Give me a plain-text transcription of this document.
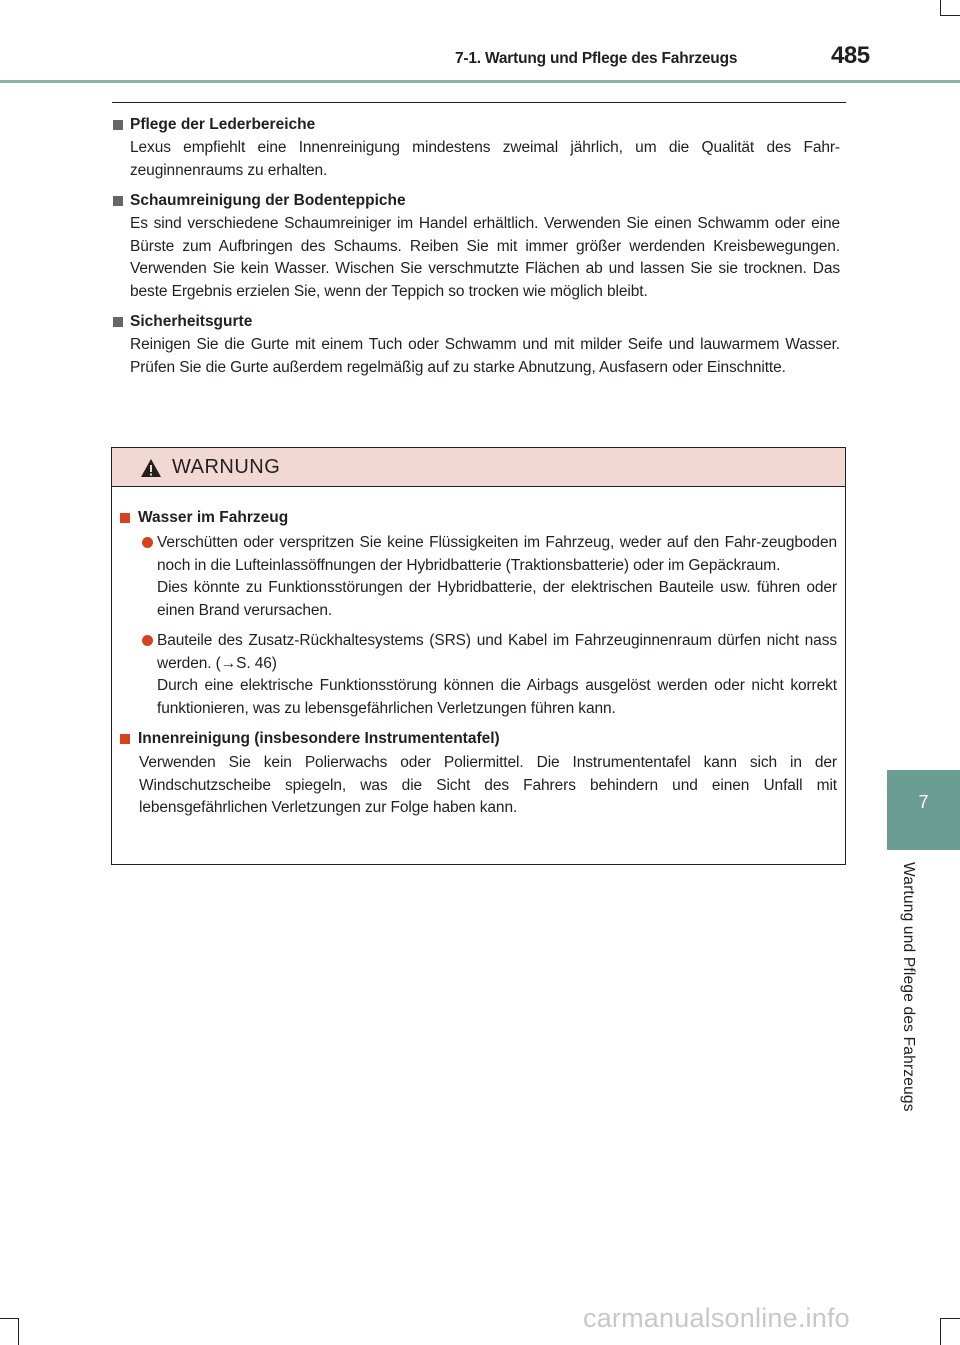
7-1. Wartung und Pflege des Fahrzeugs	485
Pflege der Lederbereiche
Lexus empfiehlt eine Innenreinigung mindestens zweimal jährlich, um die Qualität des Fahr-zeuginnenraums zu erhalten.
Schaumreinigung der Bodenteppiche
Es sind verschiedene Schaumreiniger im Handel erhältlich. Verwenden Sie einen Schwamm oder eine Bürste zum Aufbringen des Schaums. Reiben Sie mit immer größer werdenden Kreisbewegungen. Verwenden Sie kein Wasser. Wischen Sie verschmutzte Flächen ab und lassen Sie sie trocknen. Das beste Ergebnis erzielen Sie, wenn der Teppich so trocken wie möglich bleibt.
Sicherheitsgurte
Reinigen Sie die Gurte mit einem Tuch oder Schwamm und mit milder Seife und lauwarmem Wasser. Prüfen Sie die Gurte außerdem regelmäßig auf zu starke Abnutzung, Ausfasern oder Einschnitte.
WARNUNG
Wasser im Fahrzeug
Verschütten oder verspritzen Sie keine Flüssigkeiten im Fahrzeug, weder auf den Fahr-zeugboden noch in die Lufteinlassöffnungen der Hybridbatterie (Traktionsbatterie) oder im Gepäckraum.
Dies könnte zu Funktionsstörungen der Hybridbatterie, der elektrischen Bauteile usw. führen oder einen Brand verursachen.
Bauteile des Zusatz-Rückhaltesystems (SRS) und Kabel im Fahrzeuginnenraum dürfen nicht nass werden. (→S. 46)
Durch eine elektrische Funktionsstörung können die Airbags ausgelöst werden oder nicht korrekt funktionieren, was zu lebensgefährlichen Verletzungen führen kann.
Innenreinigung (insbesondere Instrumententafel)
Verwenden Sie kein Polierwachs oder Poliermittel. Die Instrumententafel kann sich in der Windschutzscheibe spiegeln, was die Sicht des Fahrers behindern und einen Unfall mit lebensgefährlichen Verletzungen zur Folge haben kann.	7
Wartung und Pflege des Fahrzeugs
carmanualsonline.info
